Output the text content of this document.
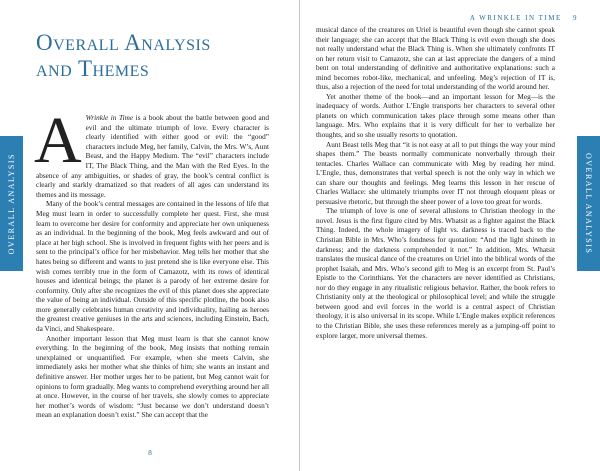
OVERALL ANALYSIS
Overall Analysis
and Themes

A Wrinkle in Time is a book about the battle between good and evil and the ultimate triumph of love. Every character is clearly identified with either good or evil: the “good” characters include Meg, her family, Calvin, the Mrs. W’s, Aunt Beast, and the Happy Medium. The “evil” characters include IT, The Black Thing, and the Man with the Red Eyes. In the absence of any ambiguities, or shades of gray, the book’s central conflict is clearly and starkly dramatized so that readers of all ages can understand its themes and its message.

Many of the book’s central messages are contained in the lessons of life that Meg must learn in order to successfully complete her quest. First, she must learn to overcome her desire for conformity and appreciate her own uniqueness as an individual. In the beginning of the book, Meg feels awkward and out of place at her high school. She is involved in frequent fights with her peers and is sent to the principal’s office for her misbehavior. Meg tells her mother that she hates being so different and wants to just pretend she is like everyone else. This wish comes terribly true in the form of Camazotz, with its rows of identical houses and identical beings; the planet is a parody of her extreme desire for conformity. Only after she recognizes the evil of this planet does she appreciate the value of being an individual. Outside of this specific plotline, the book also more generally celebrates human creativity and individuality, hailing as heroes the greatest creative geniuses in the arts and sciences, including Einstein, Bach, da Vinci, and Shakespeare.

Another important lesson that Meg must learn is that she cannot know everything. In the beginning of the book, Meg insists that nothing remain unexplained or unquantified. For example, when she meets Calvin, she immediately asks her mother what she thinks of him; she wants an instant and definitive answer. Her mother urges her to be patient, but Meg cannot wait for opinions to form gradually. Meg wants to comprehend everything around her all at once. However, in the course of her travels, she slowly comes to appreciate her mother’s words of wisdom: “Just because we don’t understand doesn’t mean an explanation doesn’t exist.” She can accept that the

8
A WRINKLE IN TIME 9

musical dance of the creatures on Uriel is beautiful even though she cannot speak their language; she can accept that the Black Thing is evil even though she does not really understand what the Black Thing is. When she ultimately confronts IT on her return visit to Camazotz, she can at last appreciate the dangers of a mind bent on total understanding of definitive and authoritative explanations: such a mind becomes robot-like, mechanical, and unfeeling. Meg’s rejection of IT is, thus, also a rejection of the need for total understanding of the world around her.

Yet another theme of the book—and an important lesson for Meg—is the inadequacy of words. Author L’Engle transports her characters to several other planets on which communication takes place through some means other than language. Mrs. Who explains that it is very difficult for her to verbalize her thoughts, and so she usually resorts to quotation.

Aunt Beast tells Meg that “it is not easy at all to put things the way your mind shapes them.” The beasts normally communicate nonverbally through their tentacles. Charles Wallace can communicate with Meg by reading her mind. L’Engle, thus, demonstrates that verbal speech is not the only way in which we can share our thoughts and feelings. Meg learns this lesson in her rescue of Charles Wallace: she ultimately triumphs over IT not through eloquent pleas or persuasive rhetoric, but through the sheer power of a love too great for words.

The triumph of love is one of several allusions to Christian theology in the novel. Jesus is the first figure cited by Mrs. Whatsit as a fighter against the Black Thing. Indeed, the whole imagery of light vs. darkness is traced back to the Christian Bible in Mrs. Who’s fondness for quotation: “And the light shineth in darkness; and the darkness comprehended it not.” In addition, Mrs. Whatsit translates the musical dance of the creatures on Uriel into the biblical words of the prophet Isaiah, and Mrs. Who’s second gift to Meg is an excerpt from St. Paul’s Epistle to the Corinthians. Yet the characters are never identified as Christians, nor do they engage in any ritualistic religious behavior. Rather, the book refers to Christianity only at the theological or philosophical level; and while the struggle between good and evil forces in the world is a central aspect of Christian theology, it is also universal in its scope. While L’Engle makes explicit references to the Christian Bible, she uses these references merely as a jumping-off point to explore larger, more universal themes.

OVERALL ANALYSIS
